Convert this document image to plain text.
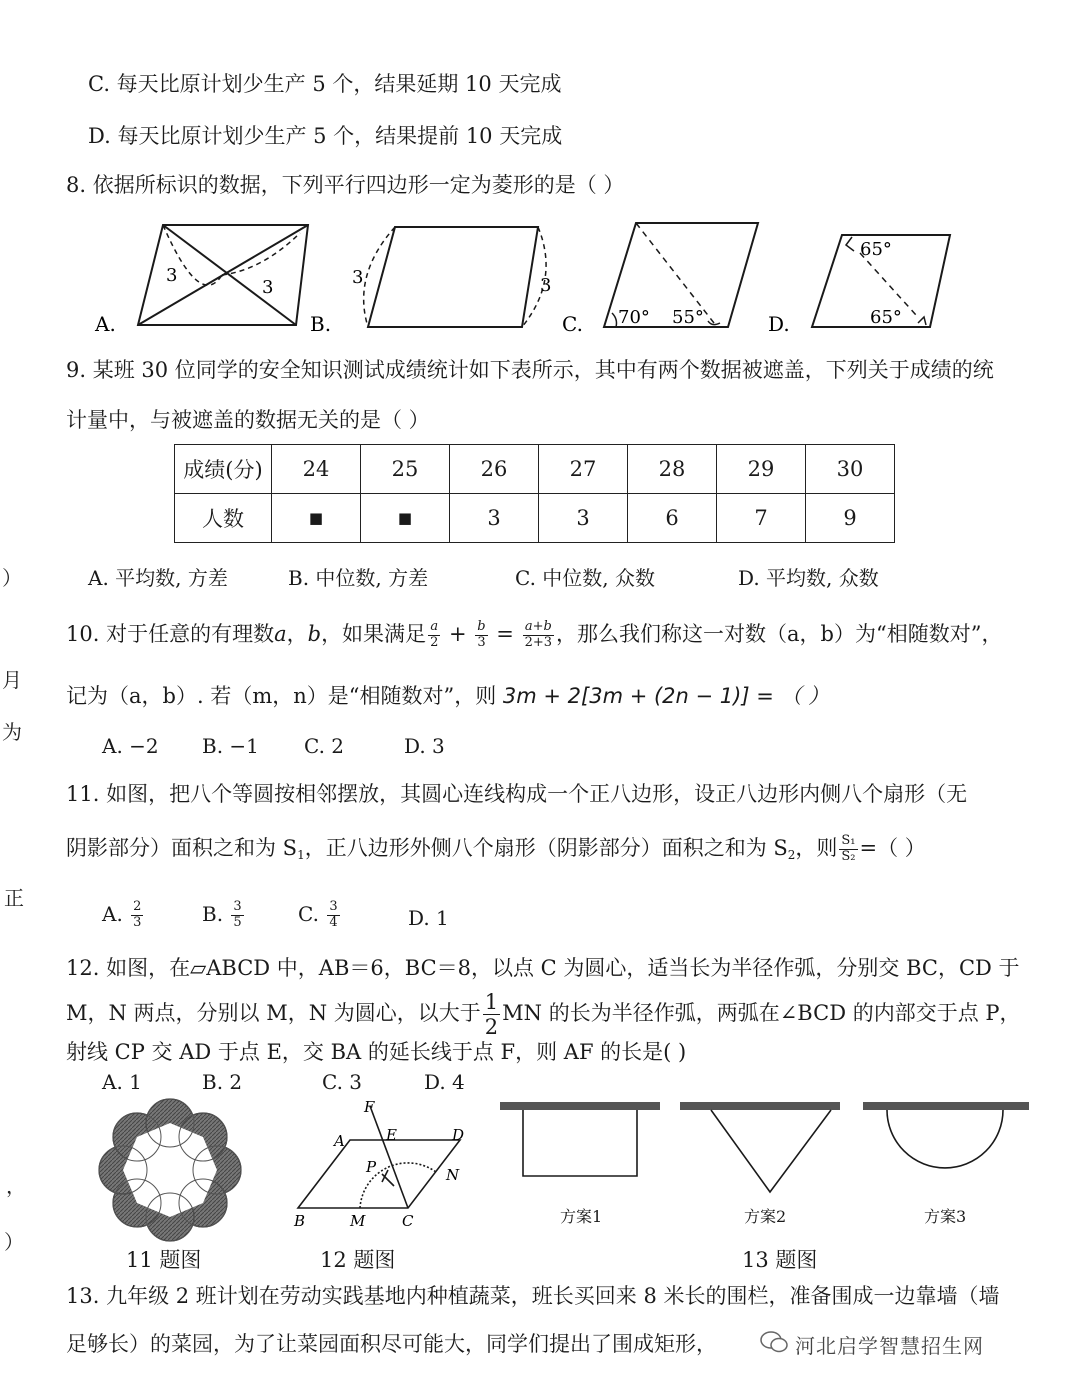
C. 每天比原计划少生产 5 个，结果延期 10 天完成
D. 每天比原计划少生产 5 个，结果提前 10 天完成
8. 依据所标识的数据，下列平行四边形一定为菱形的是（ ）
3
3
A.
3	3
B.	70° 55°
C.
65°
65°
D.
9. 某班 30 位同学的安全知识测试成绩统计如下表所示，其中有两个数据被遮盖，下列关于成绩的统
计量中，与被遮盖的数据无关的是（ ）
成绩(分)	24	25	26	27	28	29	30
人数	■	■	3	3	6	7	9
A. 平均数, 方差	B. 中位数, 方差	C. 中位数, 众数	D. 平均数, 众数
10. 对于任意的有理数a，b，如果满足 $\frac{a}{2} + \frac{b}{3} = \frac{a+b}{2+3}$ ，那么我们称这一对数（a，b）为“相随数对”，
记为（a，b）. 若（m，n）是“相随数对”，则 3m + 2[3m + (2n − 1)] = （ ）
A. −2 B. −1 C. 2	D. 3
11. 如图，把八个等圆按相邻摆放，其圆心连线构成一个正八边形，设正八边形内侧八个扇形（无
阴影部分）面积之和为 $S_1$，正八边形外侧八个扇形（阴影部分）面积之和为 $S_2$，则 $\frac{\text{S₁}}{\text{S₂}}$ =（ ）
A. $\frac{2}{3}$	B. $\frac{3}{5}$	C. $\frac{3}{4}$	D. 1
12. 如图，在▱ABCD 中，AB＝6，BC＝8，以点 C 为圆心，适当长为半径作弧，分别交 BC，CD 于
M，N 两点，分别以 M，N 为圆心，以大于 $\frac{1}{2}$ MN 的长为半径作弧，两弧在∠BCD 的内部交于点 P，
射线 CP 交 AD 于点 E，交 BA 的延长线于点 F，则 AF 的长是( )
A. 1	B. 2	C. 3	D. 4
F
A	E	D
P	N
B	M C	方案1	方案2	方案3
11 题图	12 题图	13 题图
13. 九年级 2 班计划在劳动实践基地内种植蔬菜，班长买回来 8 米长的围栏，准备围成一边靠墙（墙
足够长）的菜园，为了让菜园面积尽可能大，同学们提出了围成矩形，	河北启学智慧招生网
）
月
为
正
，
）
